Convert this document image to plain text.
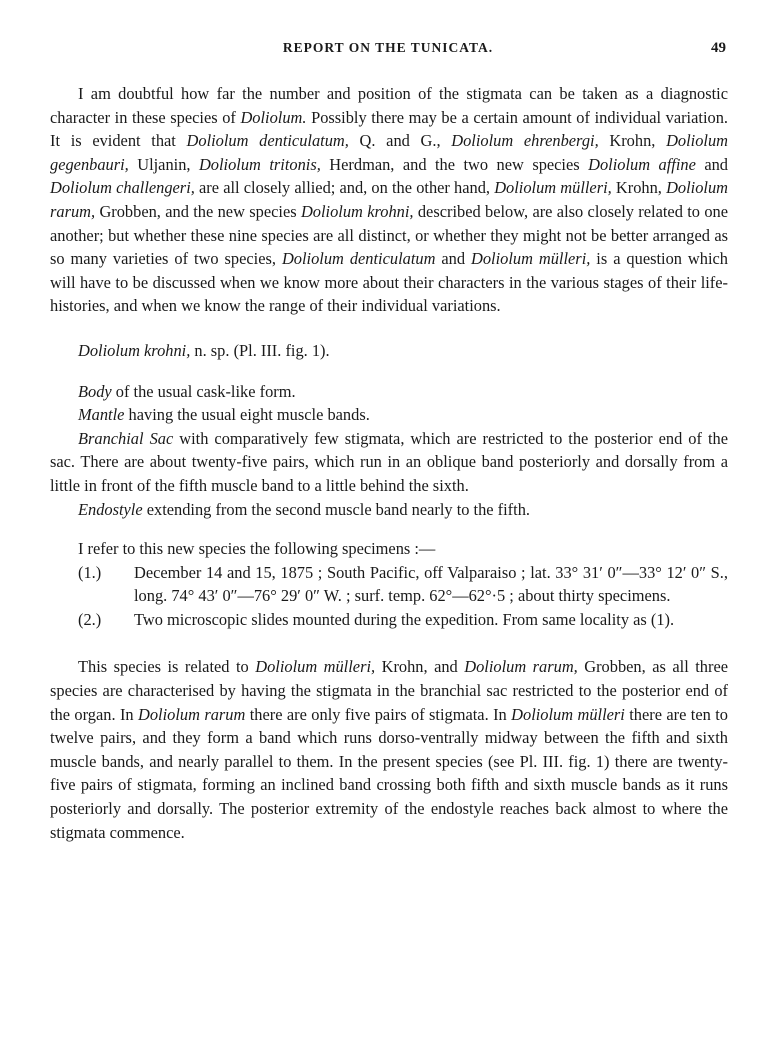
REPORT ON THE TUNICATA.	49

I am doubtful how far the number and position of the stigmata can be taken as a diagnostic character in these species of Doliolum. Possibly there may be a certain amount of individual variation. It is evident that Doliolum denticulatum, Q. and G., Doliolum ehrenbergi, Krohn, Doliolum gegenbauri, Uljanin, Doliolum tritonis, Herdman, and the two new species Doliolum affine and Doliolum challengeri, are all closely allied; and, on the other hand, Doliolum mülleri, Krohn, Doliolum rarum, Grobben, and the new species Doliolum krohni, described below, are also closely related to one another; but whether these nine species are all distinct, or whether they might not be better arranged as so many varieties of two species, Doliolum denticulatum and Doliolum mülleri, is a question which will have to be discussed when we know more about their characters in the various stages of their life-histories, and when we know the range of their individual variations.

Doliolum krohni, n. sp. (Pl. III. fig. 1).

Body of the usual cask-like form.

Mantle having the usual eight muscle bands.

Branchial Sac with comparatively few stigmata, which are restricted to the posterior end of the sac. There are about twenty-five pairs, which run in an oblique band posteriorly and dorsally from a little in front of the fifth muscle band to a little behind the sixth.

Endostyle extending from the second muscle band nearly to the fifth.

I refer to this new species the following specimens :—

(1.) December 14 and 15, 1875 ; South Pacific, off Valparaiso ; lat. 33° 31′ 0″—33° 12′ 0″ S., long. 74° 43′ 0″—76° 29′ 0″ W. ; surf. temp. 62°—62°·5 ; about thirty specimens.
(2.) Two microscopic slides mounted during the expedition. From same locality as (1).

This species is related to Doliolum mülleri, Krohn, and Doliolum rarum, Grobben, as all three species are characterised by having the stigmata in the branchial sac restricted to the posterior end of the organ. In Doliolum rarum there are only five pairs of stigmata. In Doliolum mülleri there are ten to twelve pairs, and they form a band which runs dorso-ventrally midway between the fifth and sixth muscle bands, and nearly parallel to them. In the present species (see Pl. III. fig. 1) there are twenty-five pairs of stigmata, forming an inclined band crossing both fifth and sixth muscle bands as it runs posteriorly and dorsally. The posterior extremity of the endostyle reaches back almost to where the stigmata commence.
